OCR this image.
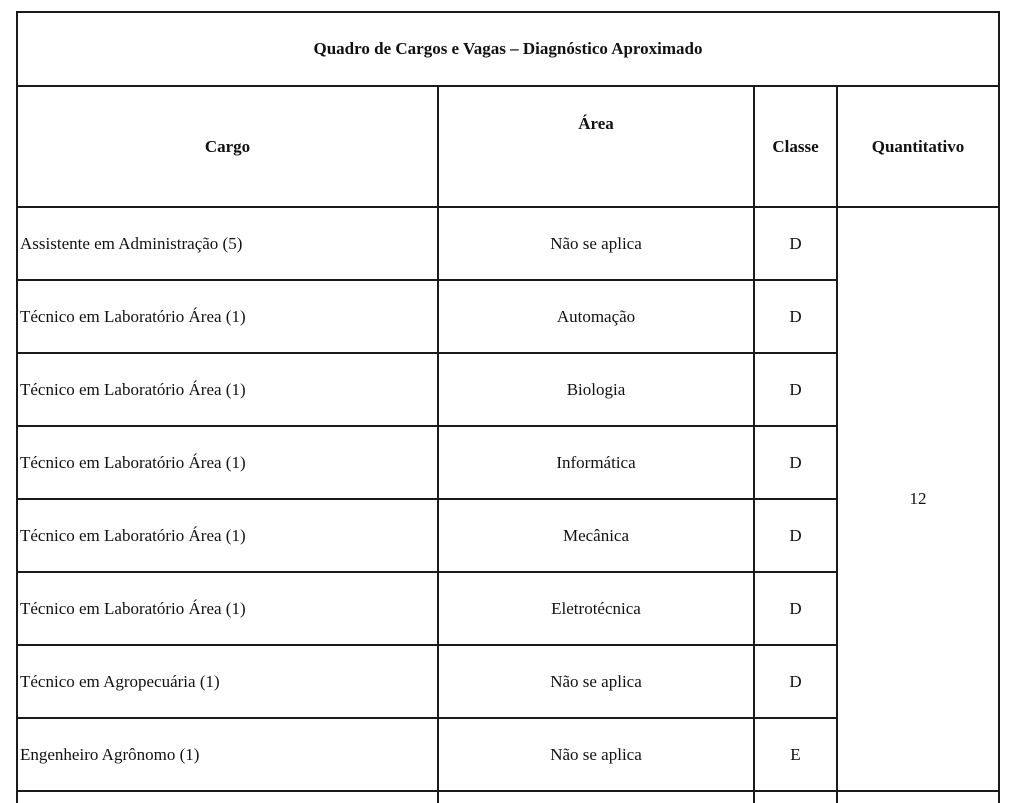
Quadro de Cargos e Vagas – Diagnóstico Aproximado			
Cargo	Área	Classe	Quantitativo
Assistente em Administração (5)	Não se aplica	D	12
Técnico em Laboratório Área (1)	Automação	D	
Técnico em Laboratório Área (1)	Biologia	D	
Técnico em Laboratório Área (1)	Informática	D	
Técnico em Laboratório Área (1)	Mecânica	D	
Técnico em Laboratório Área (1)	Eletrotécnica	D	
Técnico em Agropecuária (1)	Não se aplica	D	
Engenheiro Agrônomo (1)	Não se aplica	E	
